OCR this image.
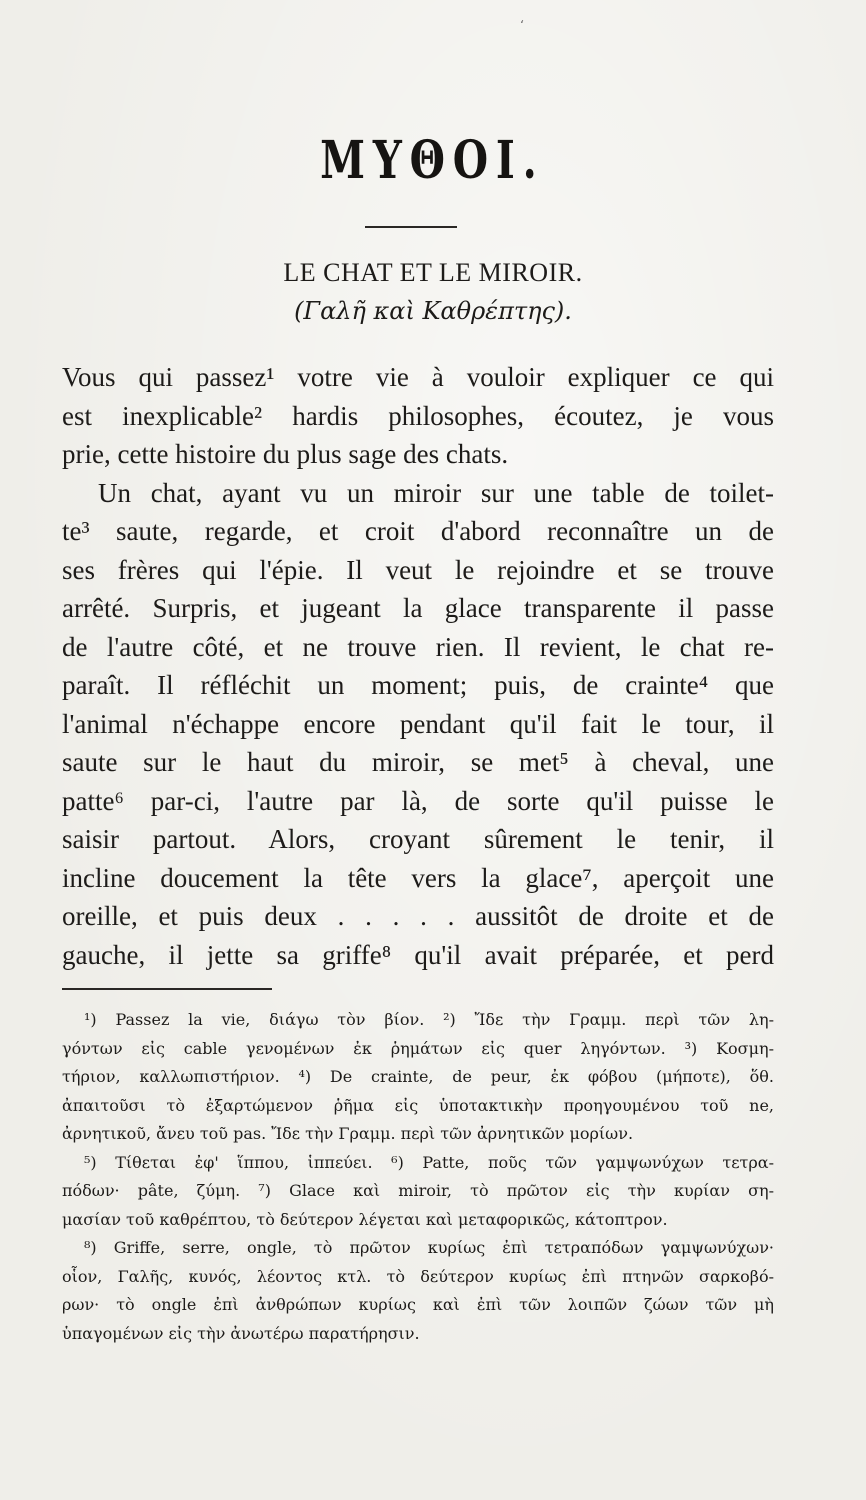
‘
ΜΥΘΟΙ.
LE CHAT ET LE MIROIR.
(Γαλῆ καὶ Καθρέπτης).
Vous qui passez¹ votre vie à vouloir expliquer ce qui
est inexplicable² hardis philosophes, écoutez, je vous
prie, cette histoire du plus sage des chats.
Un chat, ayant vu un miroir sur une table de toilet-
te³ saute, regarde, et croit d'abord reconnaître un de
ses frères qui l'épie. Il veut le rejoindre et se trouve
arrêté. Surpris, et jugeant la glace transparente il passe
de l'autre côté, et ne trouve rien. Il revient, le chat re-
paraît. Il réfléchit un moment; puis, de crainte⁴ que
l'animal n'échappe encore pendant qu'il fait le tour, il
saute sur le haut du miroir, se met⁵ à cheval, une
patte⁶ par-ci, l'autre par là, de sorte qu'il puisse le
saisir partout. Alors, croyant sûrement le tenir, il
incline doucement la tête vers la glace⁷, aperçoit une
oreille, et puis deux . . . . . aussitôt de droite et de
gauche, il jette sa griffe⁸ qu'il avait préparée, et perd
¹) Passez la vie, διάγω τὸν βίον. ²) Ἴδε τὴν Γραμμ. περὶ τῶν λη-
γόντων εἰς cable γενομένων ἐκ ῥημάτων εἰς quer ληγόντων. ³) Κοσμη-
τήριον, καλλωπιστήριον. ⁴) De crainte, de peur, ἐκ φόβου (μήποτε), ὅθ.
ἀπαιτοῦσι τὸ ἐξαρτώμενον ῥῆμα εἰς ὑποτακτικὴν προηγουμένου τοῦ ne,
ἀρνητικοῦ, ἄνευ τοῦ pas. Ἴδε τὴν Γραμμ. περὶ τῶν ἀρνητικῶν μορίων.
⁵) Τίθεται ἐφ' ἵππου, ἱππεύει. ⁶) Patte, ποῦς τῶν γαμψωνύχων τετρα-
πόδων· pâte, ζύμη. ⁷) Glace καὶ miroir, τὸ πρῶτον εἰς τὴν κυρίαν ση-
μασίαν τοῦ καθρέπτου, τὸ δεύτερον λέγεται καὶ μεταφορικῶς, κάτοπτρον.
⁸) Griffe, serre, ongle, τὸ πρῶτον κυρίως ἐπὶ τετραπόδων γαμψωνύχων·
οἷον, Γαλῆς, κυνός, λέοντος κτλ. τὸ δεύτερον κυρίως ἐπὶ πτηνῶν σαρκοβό-
ρων· τὸ ongle ἐπὶ ἀνθρώπων κυρίως καὶ ἐπὶ τῶν λοιπῶν ζώων τῶν μὴ
ὑπαγομένων εἰς τὴν ἀνωτέρω παρατήρησιν.
